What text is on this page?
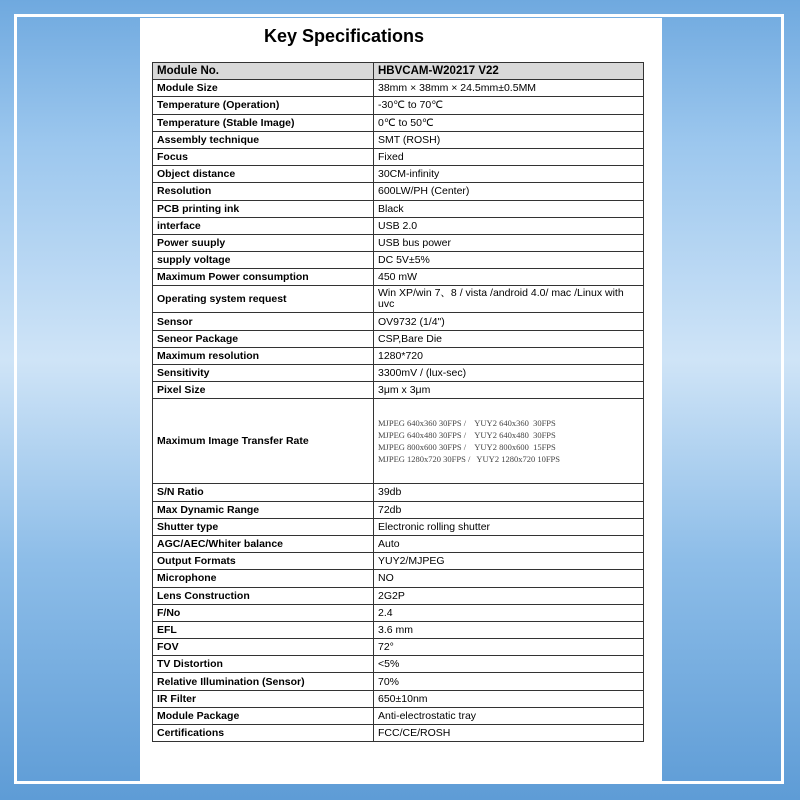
Key Specifications
Module No.	HBVCAM-W20217 V22
Module Size	38mm × 38mm × 24.5mm±0.5MM
Temperature (Operation)	-30℃ to 70℃
Temperature (Stable Image)	0℃ to 50℃
Assembly technique	SMT (ROSH)
Focus	Fixed
Object distance	30CM-infinity
Resolution	600LW/PH (Center)
PCB printing ink	Black
interface	USB 2.0
Power suuply	USB bus power
supply voltage	DC 5V±5%
Maximum Power consumption	450 mW
Operating system request	Win XP/win 7、8 / vista /android 4.0/ mac /Linux with uvc
Sensor	OV9732 (1/4")
Seneor Package	CSP,Bare Die
Maximum resolution	1280*720
Sensitivity	3300mV / (lux-sec)
Pixel Size	3μm x 3μm
Maximum Image Transfer Rate	MJPEG 640x360 30FPS /    YUY2 640x360  30FPS
MJPEG 640x480 30FPS /    YUY2 640x480  30FPS
MJPEG 800x600 30FPS /    YUY2 800x600  15FPS
MJPEG 1280x720 30FPS /   YUY2 1280x720 10FPS

S/N Ratio	39db
Max Dynamic Range	72db
Shutter type	Electronic rolling shutter
AGC/AEC/Whiter balance	Auto
Output Formats	YUY2/MJPEG
Microphone	NO
Lens Construction	2G2P
F/No	2.4
EFL	3.6 mm
FOV	72°
TV Distortion	<5%
Relative Illumination (Sensor)	70%
IR Filter	650±10nm
Module Package	Anti-electrostatic tray
Certifications	FCC/CE/ROSH
